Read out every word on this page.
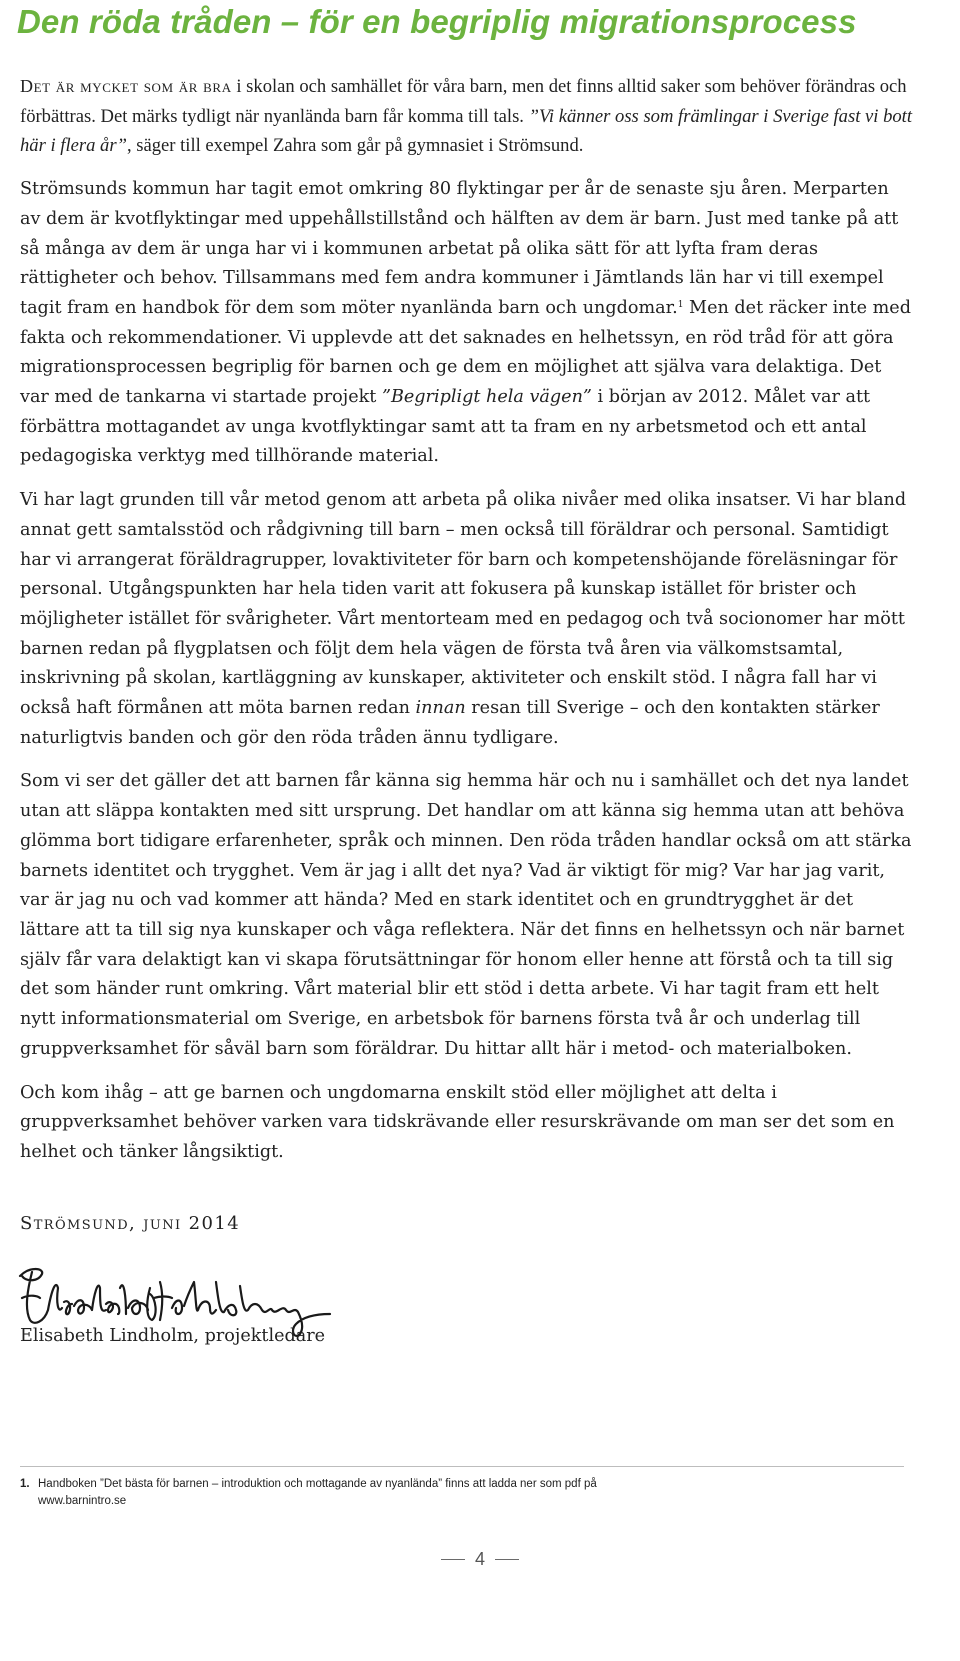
Den röda tråden – för en begriplig migrationsprocess

Det är mycket som är bra i skolan och samhället för våra barn, men det finns alltid saker som behöver förändras och förbättras. Det märks tydligt när nyanlända barn får komma till tals. ”Vi känner oss som främlingar i Sverige fast vi bott här i flera år”, säger till exempel Zahra som går på gymnasiet i Strömsund.

Strömsunds kommun har tagit emot omkring 80 flyktingar per år de senaste sju åren. Merparten av dem är kvotflyktingar med uppehållstillstånd och hälften av dem är barn. Just med tanke på att så många av dem är unga har vi i kommunen arbetat på olika sätt för att lyfta fram deras rättigheter och behov. Tillsammans med fem andra kommuner i Jämtlands län har vi till exempel tagit fram en handbok för dem som möter nyanlända barn och ungdomar.$^1$ Men det räcker inte med fakta och rekommendationer. Vi upplevde att det saknades en helhetssyn, en röd tråd för att göra migrationsprocessen begriplig för barnen och ge dem en möjlighet att själva vara delaktiga. Det var med de tankarna vi startade projekt ”Begripligt hela vägen” i början av 2012. Målet var att förbättra mottagandet av unga kvotflyktingar samt att ta fram en ny arbetsmetod och ett antal pedagogiska verktyg med tillhörande material.

Vi har lagt grunden till vår metod genom att arbeta på olika nivåer med olika insatser. Vi har bland annat gett samtalsstöd och rådgivning till barn – men också till föräldrar och personal. Samtidigt har vi arrangerat föräldragrupper, lovaktiviteter för barn och kompetenshöjande föreläsningar för personal. Utgångspunkten har hela tiden varit att fokusera på kunskap istället för brister och möjligheter istället för svårigheter. Vårt mentorteam med en pedagog och två socionomer har mött barnen redan på flygplatsen och följt dem hela vägen de första två åren via välkomstsamtal, inskrivning på skolan, kartläggning av kunskaper, aktiviteter och enskilt stöd. I några fall har vi också haft förmånen att möta barnen redan innan resan till Sverige – och den kontakten stärker naturligtvis banden och gör den röda tråden ännu tydligare.

Som vi ser det gäller det att barnen får känna sig hemma här och nu i samhället och det nya landet utan att släppa kontakten med sitt ursprung. Det handlar om att känna sig hemma utan att behöva glömma bort tidigare erfarenheter, språk och minnen. Den röda tråden handlar också om att stärka barnets identitet och trygghet. Vem är jag i allt det nya? Vad är viktigt för mig? Var har jag varit, var är jag nu och vad kommer att hända? Med en stark identitet och en grundtrygghet är det lättare att ta till sig nya kunskaper och våga reflektera. När det finns en helhetssyn och när barnet själv får vara delaktigt kan vi skapa förutsättningar för honom eller henne att förstå och ta till sig det som händer runt omkring. Vårt material blir ett stöd i detta arbete. Vi har tagit fram ett helt nytt informationsmaterial om Sverige, en arbetsbok för barnens första två år och underlag till gruppverksamhet för såväl barn som föräldrar. Du hittar allt här i metod- och materialboken.

Och kom ihåg – att ge barnen och ungdomarna enskilt stöd eller möjlighet att delta i gruppverksamhet behöver varken vara tidskrävande eller resurskrävande om man ser det som en helhet och tänker långsiktigt.

Strömsund, juni 2014
Elisabeth Lindholm, projektledare
1. Handboken ”Det bästa för barnen – introduktion och mottagande av nyanlända” finns att ladda ner som pdf på
www.barnintro.se
4
